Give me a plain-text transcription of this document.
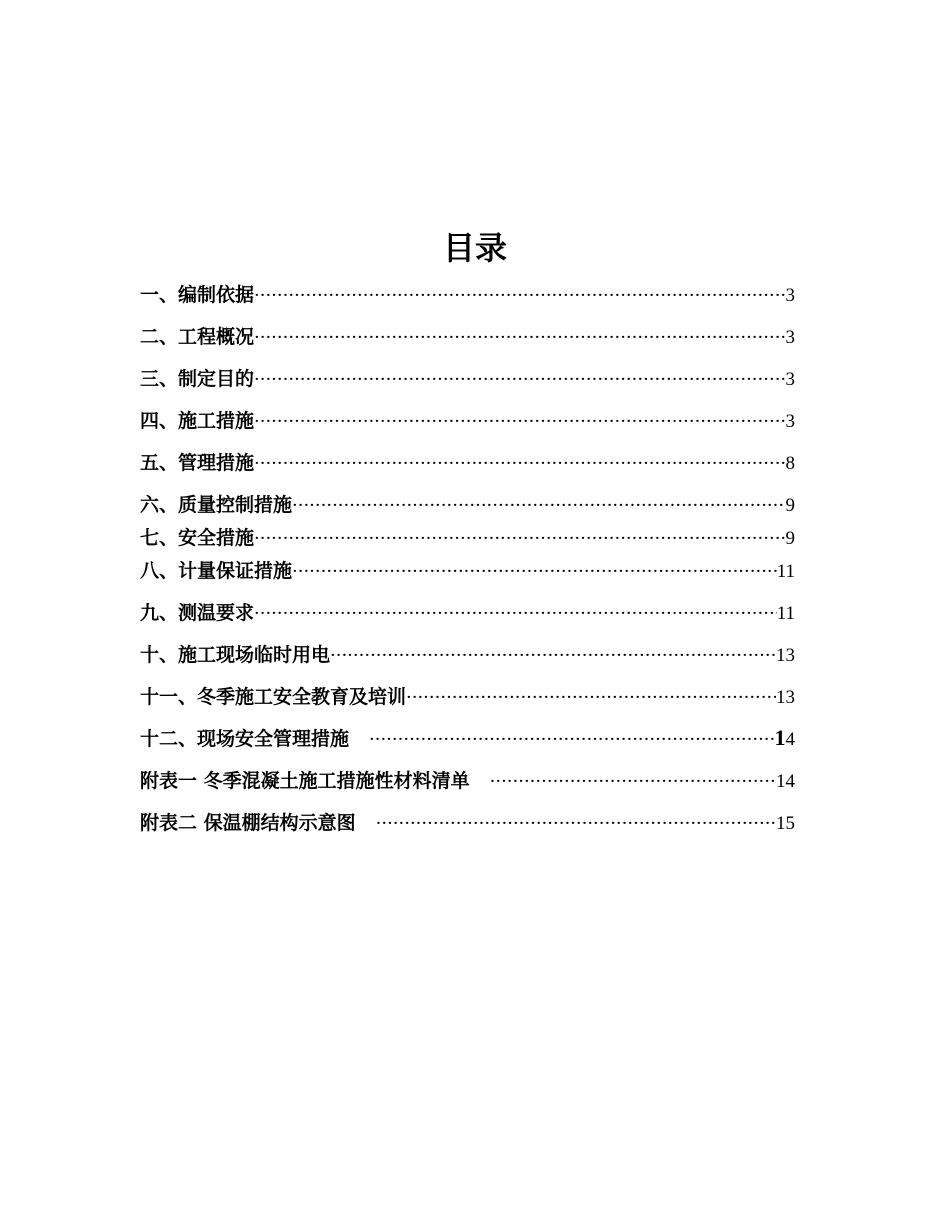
目录
一、编制依据 ·····	3
二、工程概况 ·····	3
三、制定目的 ·····	3
四、施工措施 ·····	3
五、管理措施 ·····	8
六、质量控制措施 ·····	9
七、安全措施 ·····	9
八、计量保证措施 ·····	11
九、测温要求 ·····	11
十、施工现场临时用电 ·····	13
十一、冬季施工安全教育及培训 ·····	13
十二、现场安全管理措施 ·····	14
附表一 冬季混凝土施工措施性材料清单 ·····	14
附表二 保温棚结构示意图 ·····	15
